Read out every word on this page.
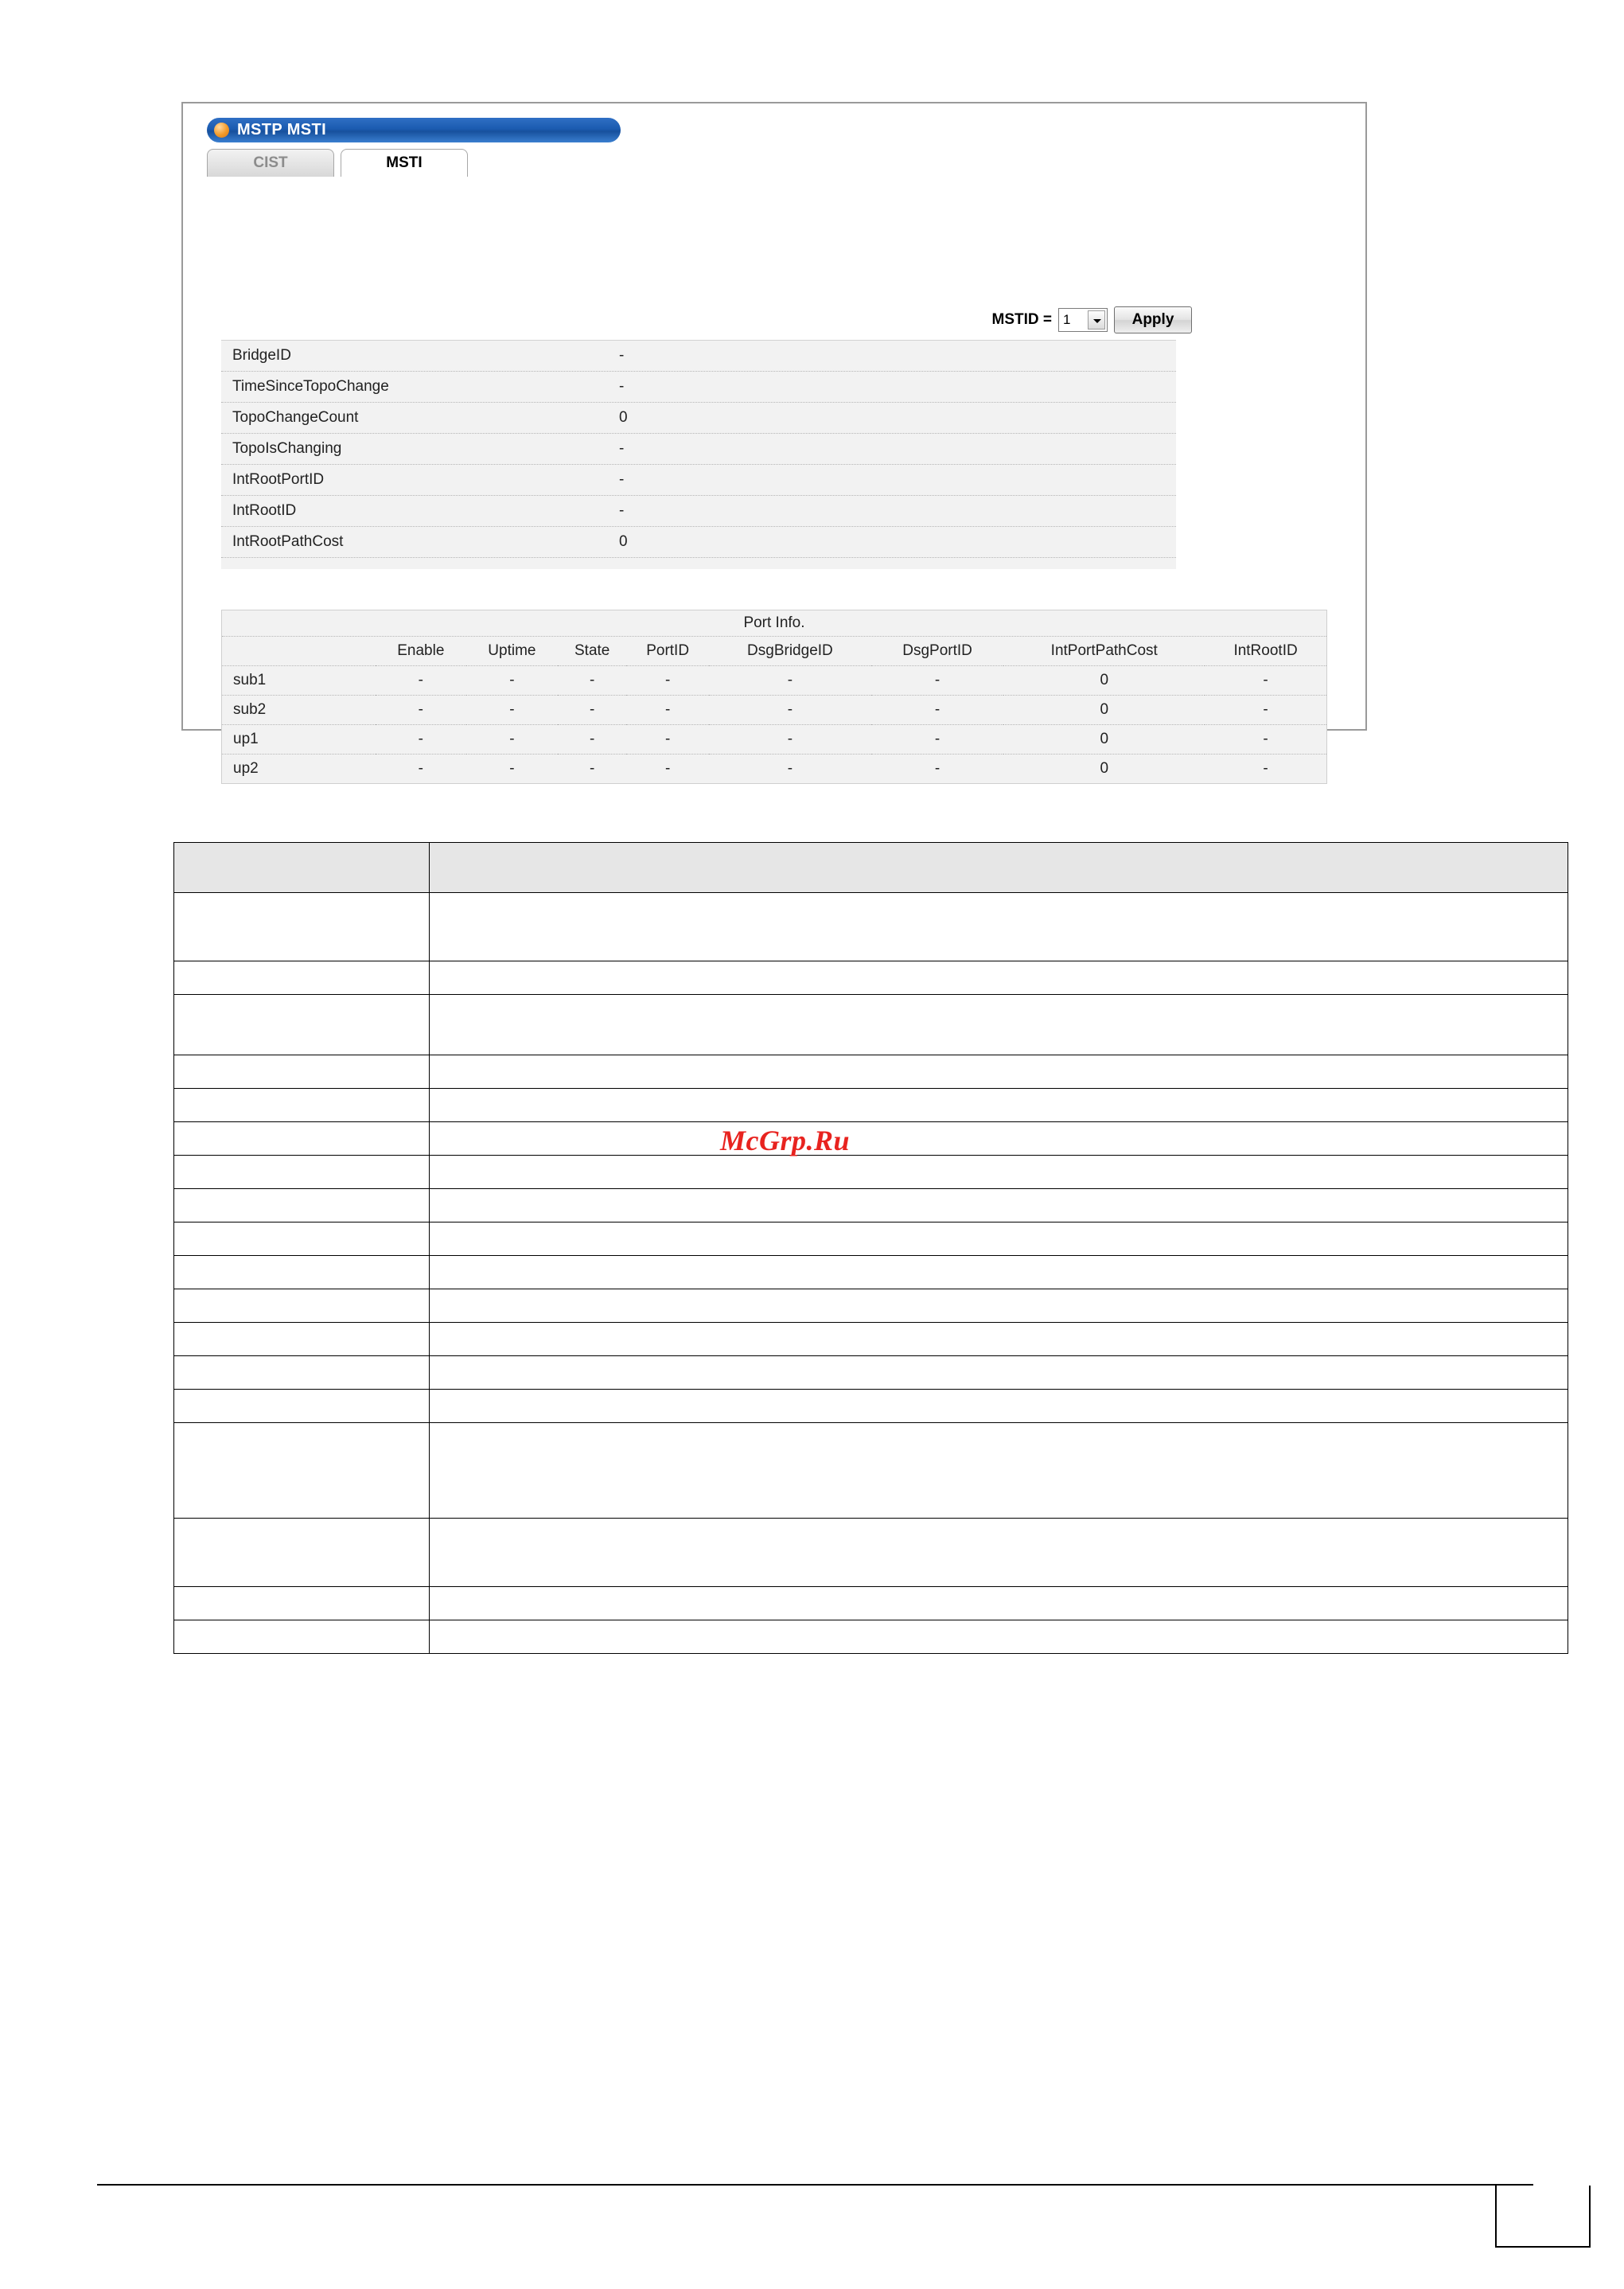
MSTP MSTI
CIST	MSTI
MSTID = 1	Apply
BridgeID	-
TimeSinceTopoChange	-
TopoChangeCount	0
TopoIsChanging	-
IntRootPortID	-
IntRootID	-
IntRootPathCost	0
Port Info.
	Enable	Uptime	State	PortID	DsgBridgeID	DsgPortID	IntPortPathCost	IntRootID
sub1	-	-	-	-	-	-	0	-
sub2	-	-	-	-	-	-	0	-
up1	-	-	-	-	-	-	0	-
up2	-	-	-	-	-	-	0	-

McGrp.Ru
